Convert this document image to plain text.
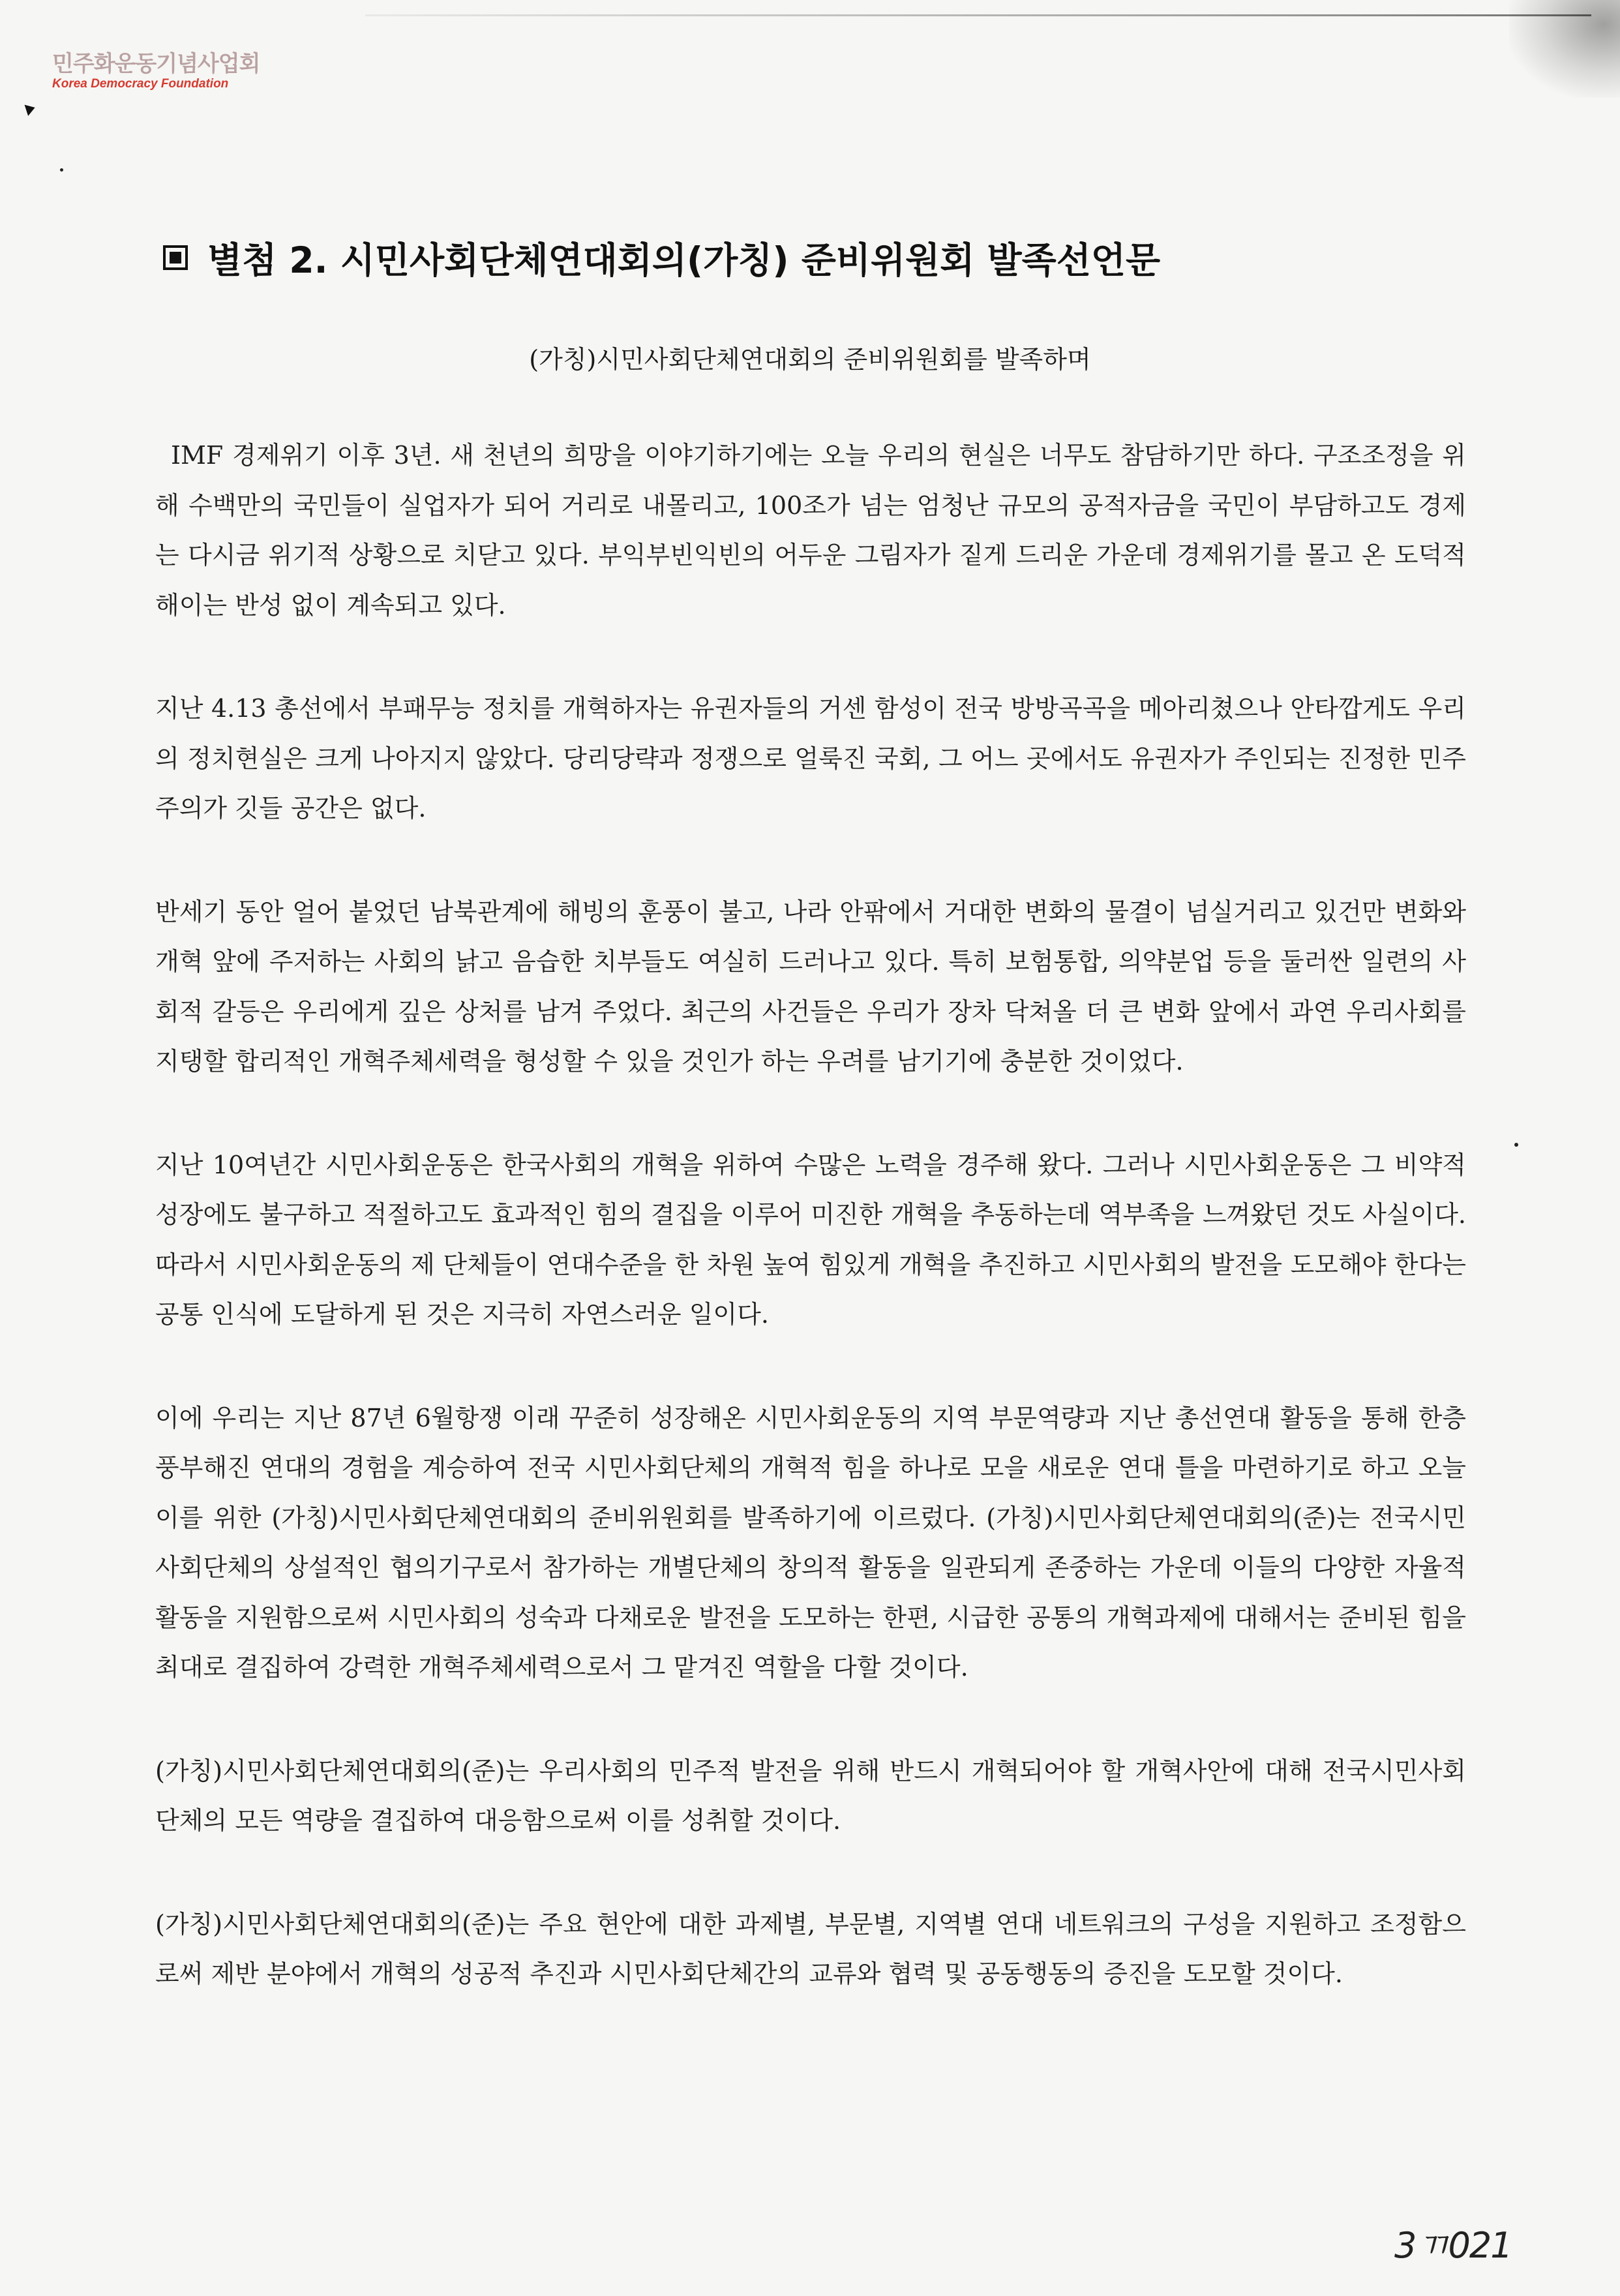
민주화운동기념사업회
Korea Democracy Foundation
별첨 2. 시민사회단체연대회의(가칭) 준비위원회 발족선언문
(가칭)시민사회단체연대회의 준비위원회를 발족하며

IMF 경제위기 이후 3년. 새 천년의 희망을 이야기하기에는 오늘 우리의 현실은 너무도 참담하기만 하다. 구조조정을 위해 수백만의 국민들이 실업자가 되어 거리로 내몰리고, 100조가 넘는 엄청난 규모의 공적자금을 국민이 부담하고도 경제는 다시금 위기적 상황으로 치닫고 있다. 부익부빈익빈의 어두운 그림자가 짙게 드리운 가운데 경제위기를 몰고 온 도덕적 해이는 반성 없이 계속되고 있다.

지난 4.13 총선에서 부패무능 정치를 개혁하자는 유권자들의 거센 함성이 전국 방방곡곡을 메아리쳤으나 안타깝게도 우리의 정치현실은 크게 나아지지 않았다. 당리당략과 정쟁으로 얼룩진 국회, 그 어느 곳에서도 유권자가 주인되는 진정한 민주주의가 깃들 공간은 없다.

반세기 동안 얼어 붙었던 남북관계에 해빙의 훈풍이 불고, 나라 안팎에서 거대한 변화의 물결이 넘실거리고 있건만 변화와 개혁 앞에 주저하는 사회의 낡고 음습한 치부들도 여실히 드러나고 있다. 특히 보험통합, 의약분업 등을 둘러싼 일련의 사회적 갈등은 우리에게 깊은 상처를 남겨 주었다. 최근의 사건들은 우리가 장차 닥쳐올 더 큰 변화 앞에서 과연 우리사회를 지탱할 합리적인 개혁주체세력을 형성할 수 있을 것인가 하는 우려를 남기기에 충분한 것이었다.

지난 10여년간 시민사회운동은 한국사회의 개혁을 위하여 수많은 노력을 경주해 왔다. 그러나 시민사회운동은 그 비약적 성장에도 불구하고 적절하고도 효과적인 힘의 결집을 이루어 미진한 개혁을 추동하는데 역부족을 느껴왔던 것도 사실이다. 따라서 시민사회운동의 제 단체들이 연대수준을 한 차원 높여 힘있게 개혁을 추진하고 시민사회의 발전을 도모해야 한다는 공통 인식에 도달하게 된 것은 지극히 자연스러운 일이다.

이에 우리는 지난 87년 6월항쟁 이래 꾸준히 성장해온 시민사회운동의 지역 부문역량과 지난 총선연대 활동을 통해 한층 풍부해진 연대의 경험을 계승하여 전국 시민사회단체의 개혁적 힘을 하나로 모을 새로운 연대 틀을 마련하기로 하고 오늘 이를 위한 (가칭)시민사회단체연대회의 준비위원회를 발족하기에 이르렀다. (가칭)시민사회단체연대회의(준)는 전국시민사회단체의 상설적인 협의기구로서 참가하는 개별단체의 창의적 활동을 일관되게 존중하는 가운데 이들의 다양한 자율적 활동을 지원함으로써 시민사회의 성숙과 다채로운 발전을 도모하는 한편, 시급한 공통의 개혁과제에 대해서는 준비된 힘을 최대로 결집하여 강력한 개혁주체세력으로서 그 맡겨진 역할을 다할 것이다.

(가칭)시민사회단체연대회의(준)는 우리사회의 민주적 발전을 위해 반드시 개혁되어야 할 개혁사안에 대해 전국시민사회단체의 모든 역량을 결집하여 대응함으로써 이를 성취할 것이다.

(가칭)시민사회단체연대회의(준)는 주요 현안에 대한 과제별, 부문별, 지역별 연대 네트워크의 구성을 지원하고 조정함으로써 제반 분야에서 개혁의 성공적 추진과 시민사회단체간의 교류와 협력 및 공동행동의 증진을 도모할 것이다.

3ㄲ021
